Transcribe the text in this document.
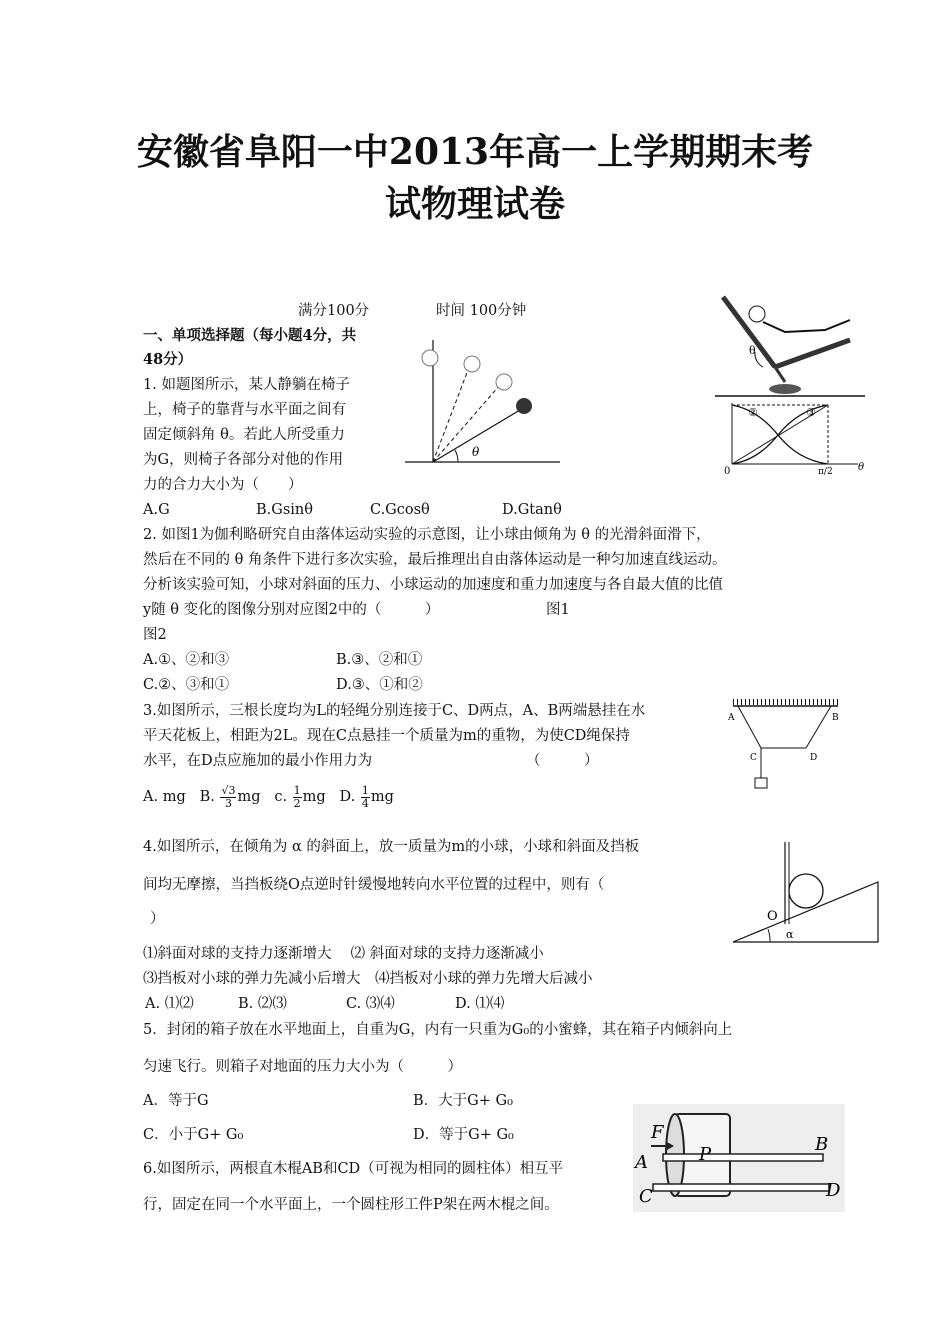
安徽省阜阳一中2013年高一上学期期末考
试物理试卷
满分100分	时间 100分钟
一、单项选择题（每小题4分，共
48分）
1. 如题图所示，某人静躺在椅子
上，椅子的靠背与水平面之间有
固定倾斜角 θ。若此人所受重力
为G，则椅子各部分对他的作用
力的合力大小为（　　）
A.G	B.Gsinθ	C.Gcosθ	D.Gtanθ
θ
θ
②	③
0	π/2	θ
2. 如图1为伽利略研究自由落体运动实验的示意图，让小球由倾角为 θ 的光滑斜面滑下，
然后在不同的 θ 角条件下进行多次实验，最后推理出自由落体运动是一种匀加速直线运动。
分析该实验可知，小球对斜面的压力、小球运动的加速度和重力加速度与各自最大值的比值
y随 θ 变化的图像分别对应图2中的（　　　）	图1
图2
A.①、②和③	B.③、②和①
C.②、③和①	D.③、①和②
3.如图所示，三根长度均为L的轻绳分别连接于C、D两点，A、B两端悬挂在水
平天花板上，相距为2L。现在C点悬挂一个质量为m的重物，为使CD绳保持
水平，在D点应施加的最小作用力为	（　　　）
A. mg B. $\frac{√3}{3}$ mg c. $\frac{1}{2}$ mg D. $\frac{1}{4}$ mg
A	B
C	D
4.如图所示，在倾角为 α 的斜面上，放一质量为m的小球，小球和斜面及挡板
间均无摩擦，当挡板绕O点逆时针缓慢地转向水平位置的过程中，则有（
）
⑴斜面对球的支持力逐渐增大　 ⑵ 斜面对球的支持力逐渐减小
⑶挡板对小球的弹力先减小后增大　⑷挡板对小球的弹力先增大后减小
A. ⑴⑵	B. ⑵⑶	C. ⑶⑷	D. ⑴⑷
O
α
5．封闭的箱子放在水平地面上，自重为G，内有一只重为G₀的小蜜蜂，其在箱子内倾斜向上
匀速飞行。则箱子对地面的压力大小为（　　　）
A．等于G	B．大于G+ G₀
C．小于G+ G₀	D．等于G+ G₀
6.如图所示，两根直木棍AB和CD（可视为相同的圆柱体）相互平
行，固定在同一个水平面上，一个圆柱形工件P架在两木棍之间。
F
P
A
B
C	D
